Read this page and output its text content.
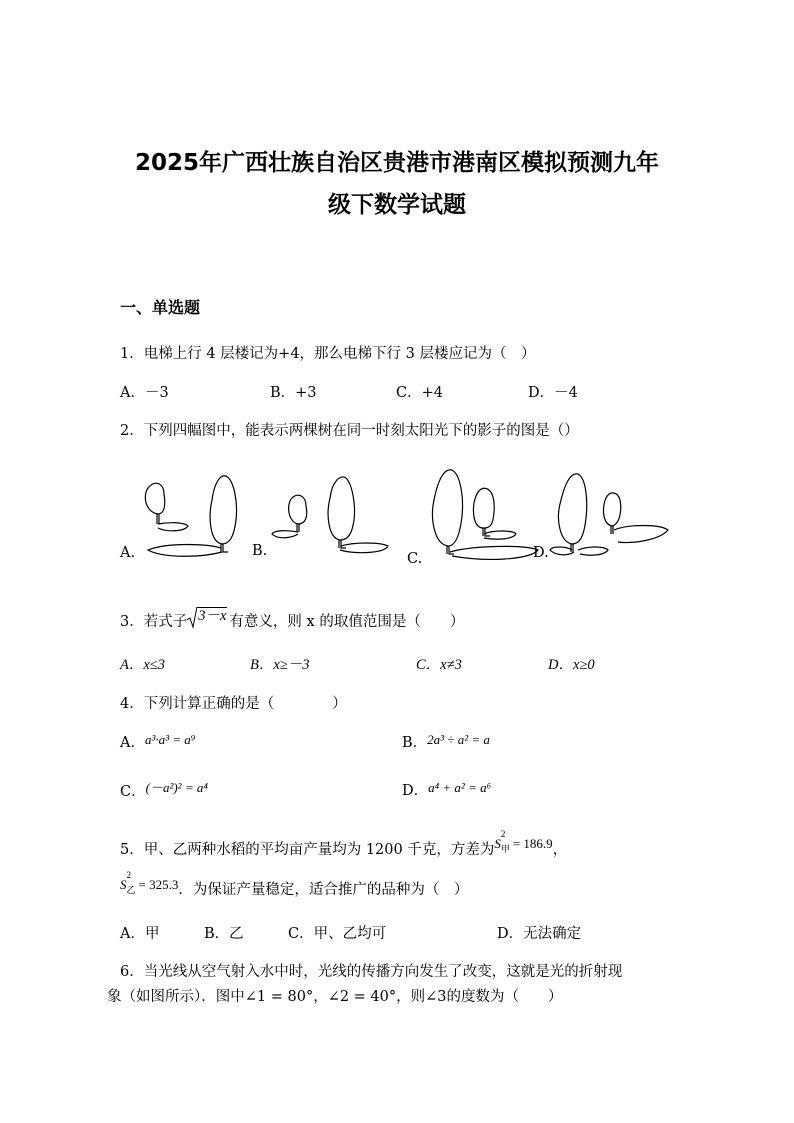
2025年广西壮族自治区贵港市港南区模拟预测九年
级下数学试题
一、单选题
1．电梯上行 4 层楼记为+4，那么电梯下行 3 层楼应记为（　）
A．－3	B．+3	C．+4	D．－4
2．下列四幅图中，能表示两棵树在同一时刻太阳光下的影子的图是（）
A.	B.	C.	D.
3．若式子 3－x 有意义，则 x 的取值范围是（　　）
A．x≤3	B．x≥－3	C．x≠3	D．x≥0
4．下列计算正确的是（　　　　）
A．a³·a³ = a⁹	B．2a³ ÷ a² = a
C．(－a²)² = a⁴	D．a⁴ + a² = a⁶
5．甲、乙两种水稻的平均亩产量均为 1200 千克，方差为S
2
$_甲$ = 186.9，
S
2
$_乙$ = 325.3．为保证产量稳定，适合推广的品种为（　）
A．甲	B．乙	C．甲、乙均可	D．无法确定
6．当光线从空气射入水中时，光线的传播方向发生了改变，这就是光的折射现
象（如图所示）．图中∠1 = 80°，∠2 = 40°，则∠3的度数为（　　）
